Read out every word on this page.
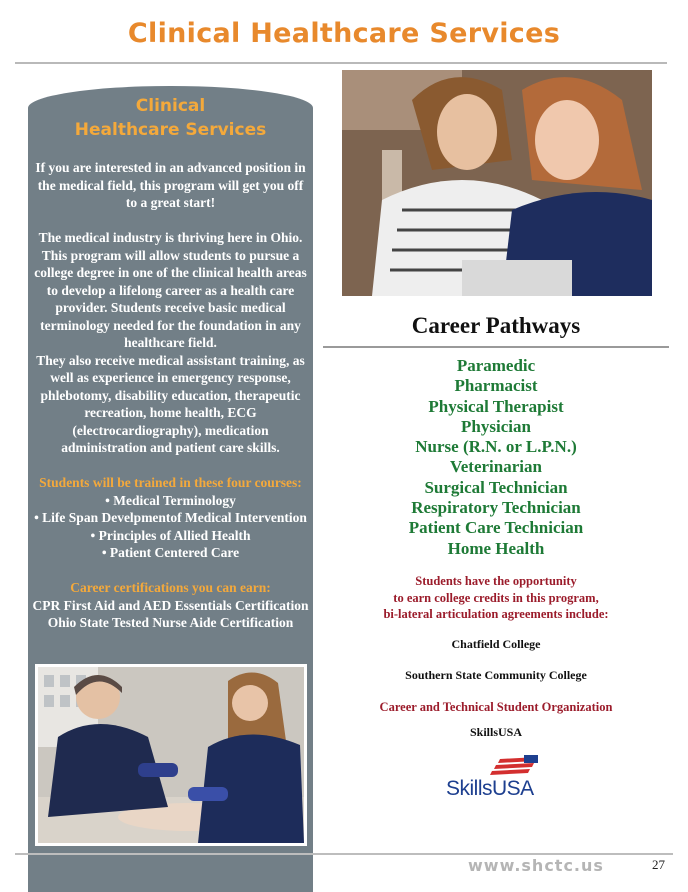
Clinical Healthcare Services
Clinical
Healthcare Services

If you are interested in an advanced position in the medical field, this program will get you off to a great start!

The medical industry is thriving here in Ohio. This program will allow students to pursue a college degree in one of the clinical health areas to develop a lifelong career as a health care provider. Students receive basic medical terminology needed for the foundation in any healthcare field.

They also receive medical assistant training, as well as experience in emergency response, phlebotomy, disability education, therapeutic recreation, home health, ECG (electrocardiography), medication administration and patient care skills.

Students will be trained in these four courses:
• Medical Terminology
• Life Span Develpmentof Medical Intervention
• Principles of Allied Health
• Patient Centered Care
Career certifications you can earn:
CPR First Aid and AED Essentials Certification
Ohio State Tested Nurse Aide Certification
Career Pathways
Paramedic
Pharmacist
Physical Therapist
Physician
Nurse (R.N. or L.P.N.)
Veterinarian
Surgical Technician
Respiratory Technician
Patient Care Technician
Home Health
Students have the opportunity
to earn college credits in this program,
bi-lateral articulation agreements include:
Chatfield College
Southern State Community College
Career and Technical Student Organization
SkillsUSA
SkillsUSA
www.shctc.us	27
